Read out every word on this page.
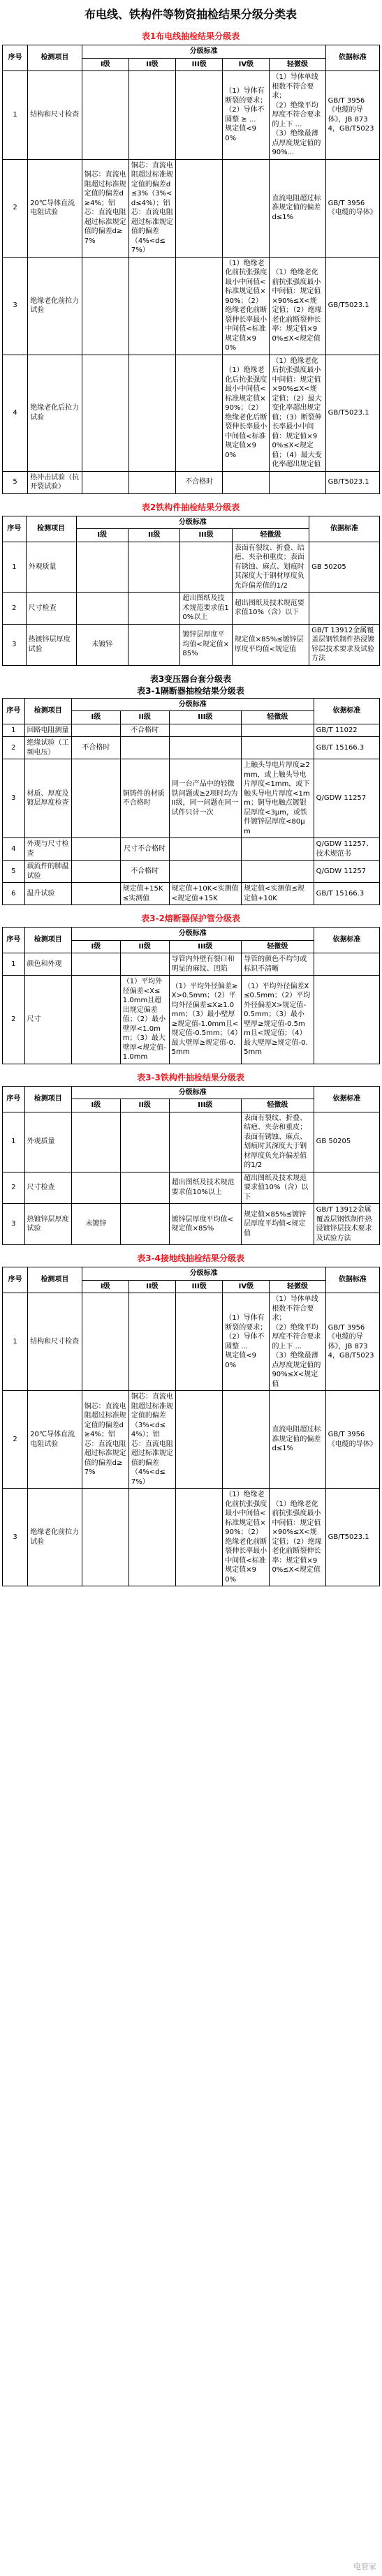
布电线、铁构件等物资抽检结果分级分类表
表1布电线抽检结果分级表
序号	检测项目	分级标准					依据标准
		I级	II级	III级	IV级	轻微级	
1	结构和尺寸检查				（1）导体有断裂的要求；
（2）导体不圆整 ≥ ...
规定值<90%	（1）导体单线根数不符合要求；
（2）绝缘平均厚度不符合要求的上下 ...
（3）绝缘最薄点厚度规定值的90%...	GB/T 3956《电缆的导体》，JB 8734，GB/T5023
2	20℃导体直流电阻试验	铜芯：直流电阻超过标准规定值的偏差d≥4%；铝芯：直流电阻超过标准规定值的偏差d≥7%	铜芯：直流电阻超过标准规定值的偏差d≤3%（3%<d≤4%）；铝芯：直流电阻超过标准规定值的偏差（4%<d≤7%）			直流电阻超过标准规定值的偏差d≤1%	GB/T 3956《电缆的导体》
3	绝缘老化前拉力试验				（1）绝缘老化前抗张强度最小中间值<标准规定值×90%；（2）绝缘老化前断裂伸长率最小中间值<标准规定值×90%	（1）绝缘老化前抗张强度最小中间值：规定值×90%≤X<规定值；（2）绝缘老化前断裂伸长率：规定值×90%≤X<规定值	GB/T5023.1
4	绝缘老化后拉力试验				（1）绝缘老化后抗张强度最小中间值<标准规定值×90%；（2）绝缘老化后断裂伸长率最小中间值<标准规定值×90%	（1）绝缘老化后抗张强度最小中间值：规定值×90%≤X<规定值；（2）最大变化率超出规定值；（3）断裂伸长率最小中间值：规定值×90%≤X<规定值；（4）最大变化率超出规定值	GB/T5023.1
5	热冲击试验（抗开裂试验）			不合格时			GB/T5023.1
表2铁构件抽检结果分级表
序号	检测项目	分级标准				依据标准
		I级	II级	III级	轻微级	
1	外观质量				表面有裂纹、折叠、结疤、夹杂和重皮；表面有锈蚀、麻点、划痕时其深度大于钢材厚度负允许偏差值的1/2	GB 50205
2	尺寸检查			超出图纸及技术规范要求值10%以上	超出图纸及技术规范要求值10%（含）以下	
3	热镀锌层厚度试验	未镀锌		镀锌层厚度平均值<规定值×85%	规定值×85%≤镀锌层厚度平均值<规定值	GB/T 13912金属覆盖层钢铁制件热浸镀锌层技术要求及试验方法
表3变压器台套分级表
表3-1隔断器抽检结果分级表
序号	检测项目	分级标准				依据标准
		I级	II级	III级	轻微级	
1	回路电阻测量		不合格时			GB/T 11022
2	绝缘试验（工频电压）	不合格时				GB/T 15166.3
3	材质、厚度及镀层厚度检查		铜铸件的材质不合格时	同一台产品中的轻微铁问题或≥2项时均为II级，同一问题在同一试件只计一次	上触头导电片厚度≥2mm，或上触头导电片厚度<1mm，或下触头导电片厚度<1mm；铜导电触点镀银层厚度<3μm，或铁件镀锌层厚度<80μm	Q/GDW 11257
4	外观与尺寸检查		尺寸不合格时			Q/GDW 11257、技术规范书
5	载流件的肺温试验		不合格时			Q/GDW 11257
6	温升试验		规定值+15K≤实测值	规定值+10K<实测值<规定值+15K	规定值<实测值≤规定值+10K	GB/T 15166.3
表3-2熔断器保护管分级表
序号	检测项目	分级标准				依据标准
		I级	II级	III级	轻微级	
1	颜色和外观			导管内外壁有裂口和明显的麻纹、凹陷	导管的颜色不均匀或标识不清晰	
2	尺寸		（1）平均外径偏差<X≤1.0mm且超出规定偏差值；（2）最小壁厚<1.0mm；（3）最大壁厚<规定值-1.0mm	（1）平均外径偏差≥X>0.5mm；（2）平均外径偏差≤X≥1.0mm；（3）最小壁厚≥规定值-1.0mm且<规定值-0.5mm；（4）最大壁厚≥规定值-0.5mm	（1）平均外径偏差X≤0.5mm；（2）平均外径偏差X>规定值-0.5mm；（3）最小壁厚≥规定值-0.5mm且<规定值；（4）最大壁厚≥规定值-0.5mm	
表3-3铁构件抽检结果分级表
序号	检测项目	分级标准				依据标准
		I级	II级	III级	轻微级	
1	外观质量				表面有裂纹、折叠、结疤、夹杂和重皮；表面有锈蚀、麻点、划痕时其深度大于钢材厚度负允许偏差值的1/2	GB 50205
2	尺寸检查			超出图纸及技术规范要求值10%以上	超出图纸及技术规范要求值10%（含）以下	
3	热镀锌层厚度试验	未镀锌		镀锌层厚度平均值<规定值×85%	规定值×85%≤镀锌层厚度平均值<规定值	GB/T 13912金属覆盖层钢铁制件热浸镀锌层技术要求及试验方法
表3-4接地线抽检结果分级表
序号	检测项目	分级标准					依据标准
		I级	II级	III级	IV级	轻微级	
1	结构和尺寸检查				（1）导体有断裂的要求；
（2）导体不圆整 ...
规定值<90%	（1）导体单线根数不符合要求；
（2）绝缘平均厚度不符合要求的上下 ...
（3）绝缘最薄点厚度规定值的90%≤X<规定值	GB/T 3956《电缆的导体》，JB 8734，GB/T5023
2	20℃导体直流电阻试验	铜芯：直流电阻超过标准规定值的偏差d≥4%；铝芯：直流电阻超过标准规定值的偏差d≥7%	铜芯：直流电阻超过标准规定值的偏差（3%<d≤4%）；铝芯：直流电阻超过标准规定值的偏差（4%<d≤7%）			直流电阻超过标准规定值的偏差d≤1%	GB/T 3956《电缆的导体》
3	绝缘老化前拉力试验				（1）绝缘老化前抗张强度最小中间值<标准规定值×90%；（2）绝缘老化前断裂伸长率最小中间值<标准规定值×90%	（1）绝缘老化前抗张强度最小中间值：规定值×90%≤X<规定值；（2）绝缘老化前断裂伸长率：规定值×90%≤X<规定值	GB/T5023.1
电管家
